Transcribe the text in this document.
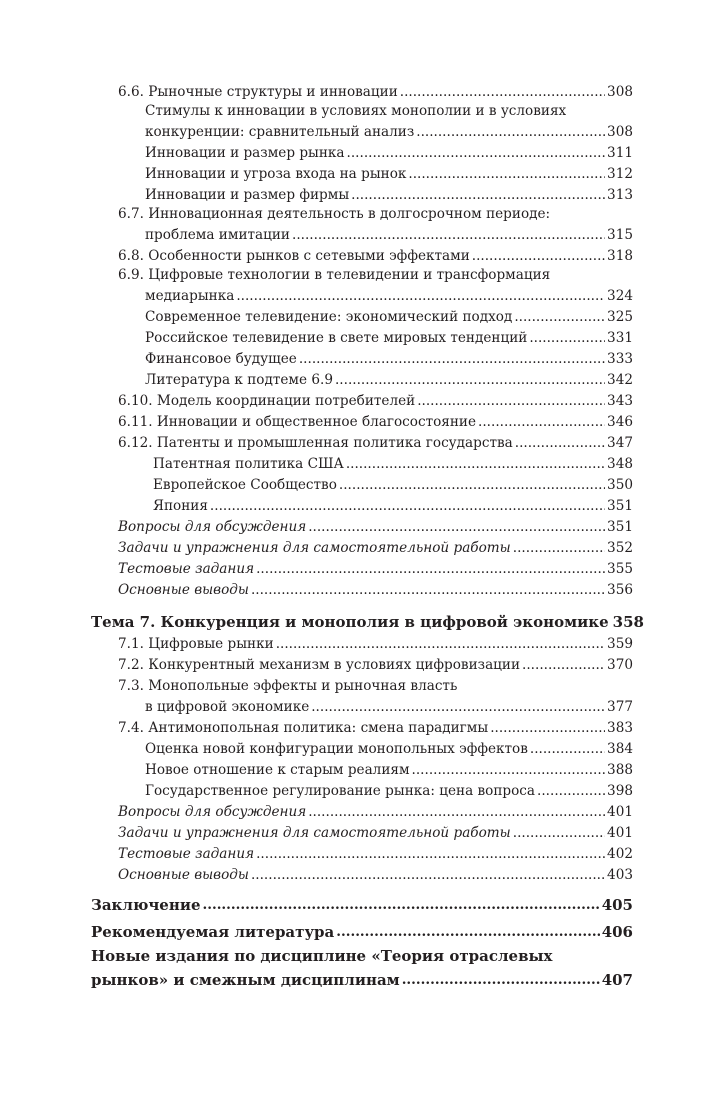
6.6. Рыночные структуры и инновации .....	308
Стимулы к инновации в условиях монополии и в условиях
конкуренции: сравнительный анализ .....	308
Инновации и размер рынка .....	311
Инновации и угроза входа на рынок .....	312
Инновации и размер фирмы .....	313
6.7. Инновационная деятельность в долгосрочном периоде:
проблема имитации .....	315
6.8. Особенности рынков с сетевыми эффектами .....	318
6.9. Цифровые технологии в телевидении и трансформация
медиарынка .....	324
Современное телевидение: экономический подход .....	325
Российское телевидение в свете мировых тенденций .....	331
Финансовое будущее .....	333
Литература к подтеме 6.9 .....	342
6.10. Модель координации потребителей .....	343
6.11. Инновации и общественное благосостояние .....	346
6.12. Патенты и промышленная политика государства .....	347
Патентная политика США .....	348
Европейское Сообщество .....	350
Япония .....	351
Вопросы для обсуждения .....	351
Задачи и упражнения для самостоятельной работы .....	352
Тестовые задания .....	355
Основные выводы .....	356
Тема 7. Конкуренция и монополия в цифровой экономике 358
7.1. Цифровые рынки .....	359
7.2. Конкурентный механизм в условиях цифровизации .....	370
7.3. Монопольные эффекты и рыночная власть
в цифровой экономике .....	377
7.4. Антимонопольная политика: смена парадигмы .....	383
Оценка новой конфигурации монопольных эффектов .....	384
Новое отношение к старым реалиям .....	388
Государственное регулирование рынка: цена вопроса .....	398
Вопросы для обсуждения .....	401
Задачи и упражнения для самостоятельной работы .....	401
Тестовые задания .....	402
Основные выводы .....	403
Заключение .....	405
Рекомендуемая литература .....	406
Новые издания по дисциплине «Теория отраслевых
рынков» и смежным дисциплинам .....	407
